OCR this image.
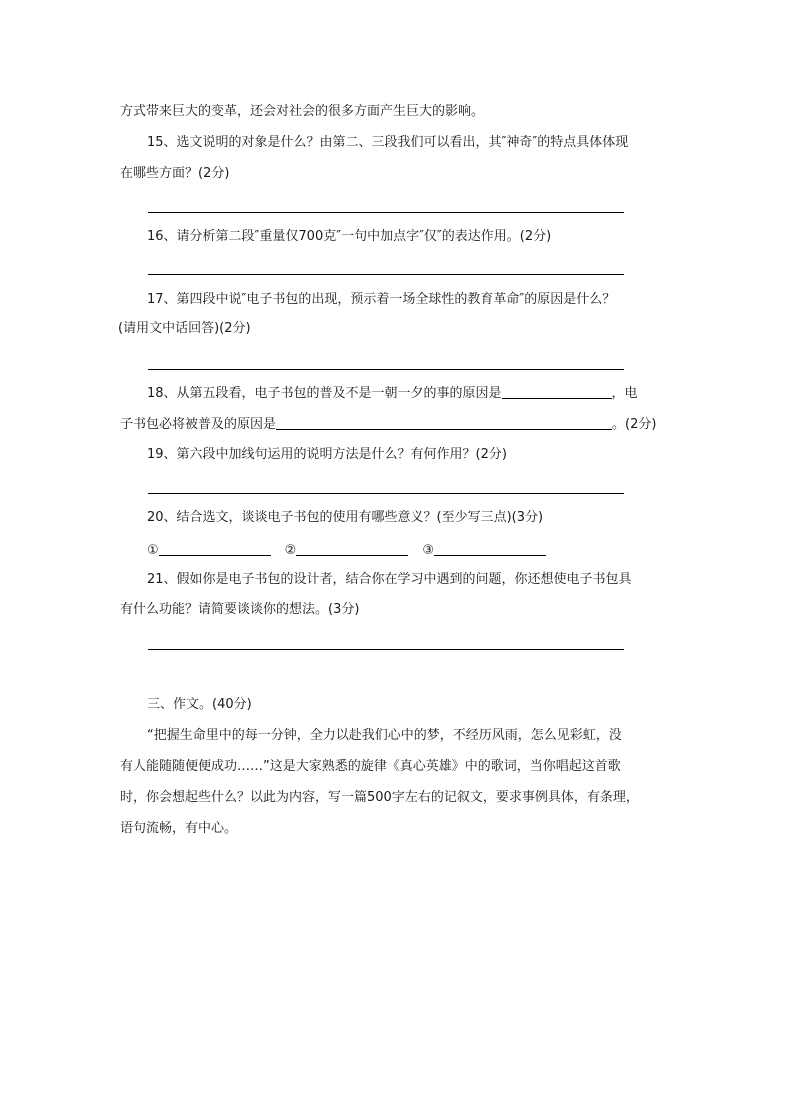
方式带来巨大的变革，还会对社会的很多方面产生巨大的影响。
15、选文说明的对象是什么？由第二、三段我们可以看出，其″神奇″的特点具体体现
在哪些方面？(2分)
16、请分析第二段″重量仅700克″一句中加点字″仅″的表达作用。(2分)
17、第四段中说″电子书包的出现，预示着一场全球性的教育革命″的原因是什么？
(请用文中话回答)(2分)
18、从第五段看，电子书包的普及不是一朝一夕的事的原因是	，电
子书包必将被普及的原因是	。(2分)
19、第六段中加线句运用的说明方法是什么？有何作用？(2分)
20、结合选文，谈谈电子书包的使用有哪些意义？(至少写三点)(3分)
①	②	③
21、假如你是电子书包的设计者，结合你在学习中遇到的问题，你还想使电子书包具
有什么功能？请简要谈谈你的想法。(3分)
三、作文。(40分)
“把握生命里中的每一分钟，全力以赴我们心中的梦，不经历风雨，怎么见彩虹，没
有人能随随便便成功……”这是大家熟悉的旋律《真心英雄》中的歌词，当你唱起这首歌
时，你会想起些什么？以此为内容，写一篇500字左右的记叙文，要求事例具体，有条理，
语句流畅，有中心。
